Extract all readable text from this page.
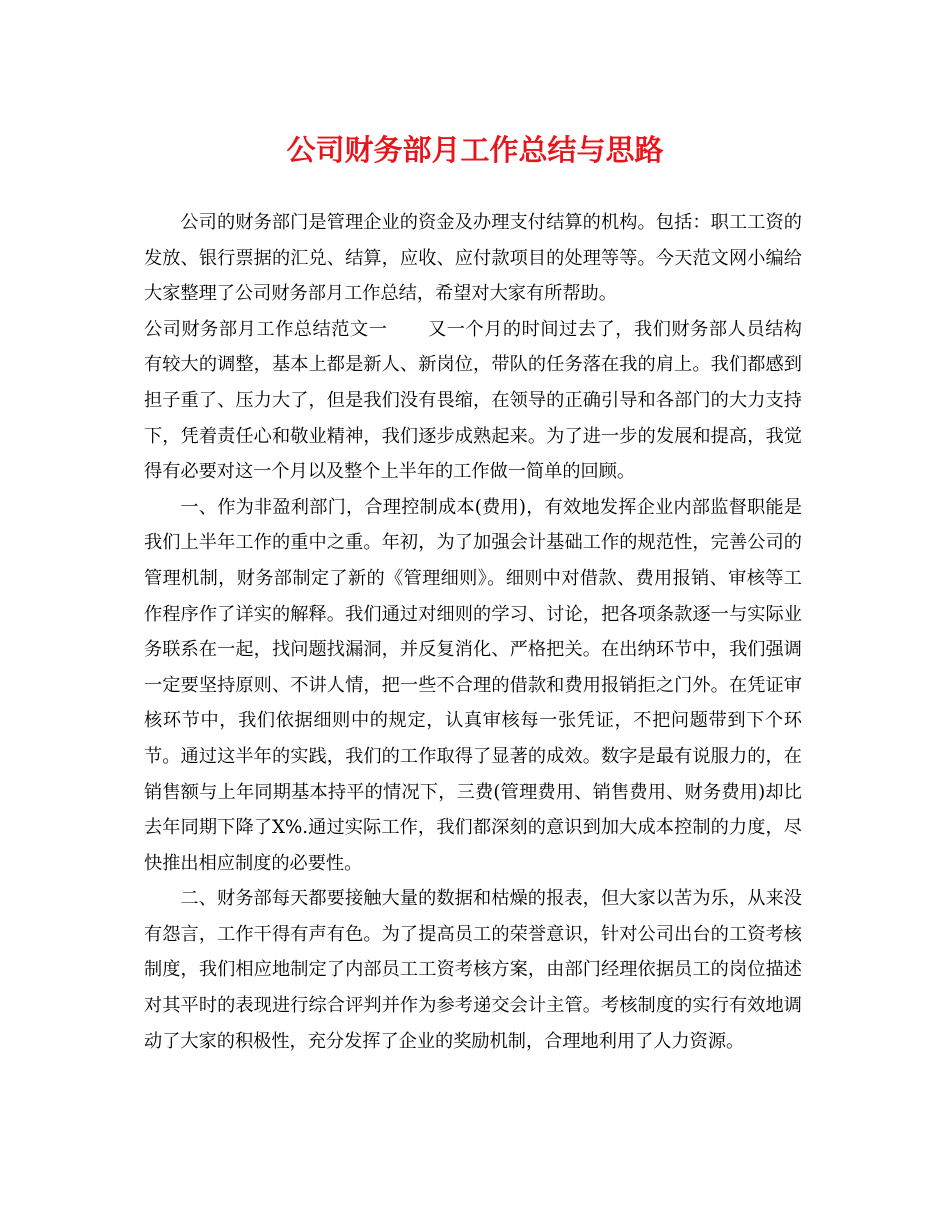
公司财务部月工作总结与思路

公司的财务部门是管理企业的资金及办理支付结算的机构。包括：职工工资的发放、银行票据的汇兑、结算，应收、应付款项目的处理等等。今天范文网小编给大家整理了公司财务部月工作总结，希望对大家有所帮助。

公司财务部月工作总结范文一 又一个月的时间过去了，我们财务部人员结构有较大的调整，基本上都是新人、新岗位，带队的任务落在我的肩上。我们都感到担子重了、压力大了，但是我们没有畏缩，在领导的正确引导和各部门的大力支持下，凭着责任心和敬业精神，我们逐步成熟起来。为了进一步的发展和提高，我觉得有必要对这一个月以及整个上半年的工作做一简单的回顾。

一、作为非盈利部门，合理控制成本(费用)，有效地发挥企业内部监督职能是我们上半年工作的重中之重。年初，为了加强会计基础工作的规范性，完善公司的管理机制，财务部制定了新的《管理细则》。细则中对借款、费用报销、审核等工作程序作了详实的解释。我们通过对细则的学习、讨论，把各项条款逐一与实际业务联系在一起，找问题找漏洞，并反复消化、严格把关。在出纳环节中，我们强调一定要坚持原则、不讲人情，把一些不合理的借款和费用报销拒之门外。在凭证审核环节中，我们依据细则中的规定，认真审核每一张凭证，不把问题带到下个环节。通过这半年的实践，我们的工作取得了显著的成效。数字是最有说服力的，在销售额与上年同期基本持平的情况下，三费(管理费用、销售费用、财务费用)却比去年同期下降了X%.通过实际工作，我们都深刻的意识到加大成本控制的力度，尽快推出相应制度的必要性。

二、财务部每天都要接触大量的数据和枯燥的报表，但大家以苦为乐，从来没有怨言，工作干得有声有色。为了提高员工的荣誉意识，针对公司出台的工资考核制度，我们相应地制定了内部员工工资考核方案，由部门经理依据员工的岗位描述对其平时的表现进行综合评判并作为参考递交会计主管。考核制度的实行有效地调动了大家的积极性，充分发挥了企业的奖励机制，合理地利用了人力资源。
